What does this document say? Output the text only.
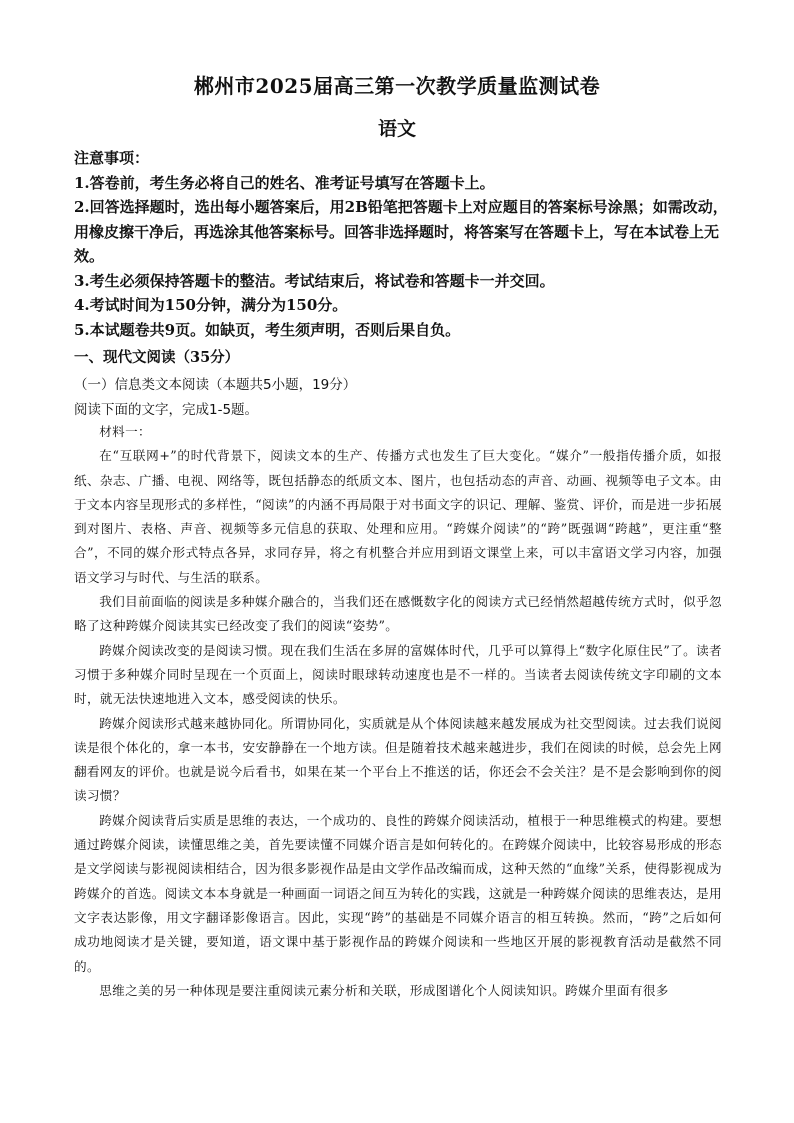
郴州市2025届高三第一次教学质量监测试卷
语文
注意事项：
1.答卷前，考生务必将自己的姓名、准考证号填写在答题卡上。
2.回答选择题时，选出每小题答案后，用2B铅笔把答题卡上对应题目的答案标号涂黑；如需改动，用橡皮擦干净后，再选涂其他答案标号。回答非选择题时，将答案写在答题卡上，写在本试卷上无效。
3.考生必须保持答题卡的整洁。考试结束后，将试卷和答题卡一并交回。
4.考试时间为150分钟，满分为150分。
5.本试题卷共9页。如缺页，考生须声明，否则后果自负。
一、现代文阅读（35分）
（一）信息类文本阅读（本题共5小题，19分）
阅读下面的文字，完成1-5题。

材料一：

在“互联网+”的时代背景下，阅读文本的生产、传播方式也发生了巨大变化。“媒介”一般指传播介质，如报纸、杂志、广播、电视、网络等，既包括静态的纸质文本、图片，也包括动态的声音、动画、视频等电子文本。由于文本内容呈现形式的多样性，“阅读”的内涵不再局限于对书面文字的识记、理解、鉴赏、评价，而是进一步拓展到对图片、表格、声音、视频等多元信息的获取、处理和应用。“跨媒介阅读”的“跨”既强调“跨越”，更注重“整合”，不同的媒介形式特点各异，求同存异，将之有机整合并应用到语文课堂上来，可以丰富语文学习内容，加强语文学习与时代、与生活的联系。

我们目前面临的阅读是多种媒介融合的，当我们还在感慨数字化的阅读方式已经悄然超越传统方式时，似乎忽略了这种跨媒介阅读其实已经改变了我们的阅读“姿势”。

跨媒介阅读改变的是阅读习惯。现在我们生活在多屏的富媒体时代，几乎可以算得上“数字化原住民”了。读者习惯于多种媒介同时呈现在一个页面上，阅读时眼球转动速度也是不一样的。当读者去阅读传统文字印刷的文本时，就无法快速地进入文本，感受阅读的快乐。

跨媒介阅读形式越来越协同化。所谓协同化，实质就是从个体阅读越来越发展成为社交型阅读。过去我们说阅读是很个体化的，拿一本书，安安静静在一个地方读。但是随着技术越来越进步，我们在阅读的时候，总会先上网翻看网友的评价。也就是说今后看书，如果在某一个平台上不推送的话，你还会不会关注？是不是会影响到你的阅读习惯？

跨媒介阅读背后实质是思维的表达，一个成功的、良性的跨媒介阅读活动，植根于一种思维模式的构建。要想通过跨媒介阅读，读懂思维之美，首先要读懂不同媒介语言是如何转化的。在跨媒介阅读中，比较容易形成的形态是文学阅读与影视阅读相结合，因为很多影视作品是由文学作品改编而成，这种天然的“血缘”关系，使得影视成为跨媒介的首选。阅读文本本身就是一种画面一词语之间互为转化的实践，这就是一种跨媒介阅读的思维表达，是用文字表达影像，用文字翻译影像语言。因此，实现“跨”的基础是不同媒介语言的相互转换。然而，“跨”之后如何成功地阅读才是关键，要知道，语文课中基于影视作品的跨媒介阅读和一些地区开展的影视教育活动是截然不同的。

思维之美的另一种体现是要注重阅读元素分析和关联，形成图谱化个人阅读知识。跨媒介里面有很多
